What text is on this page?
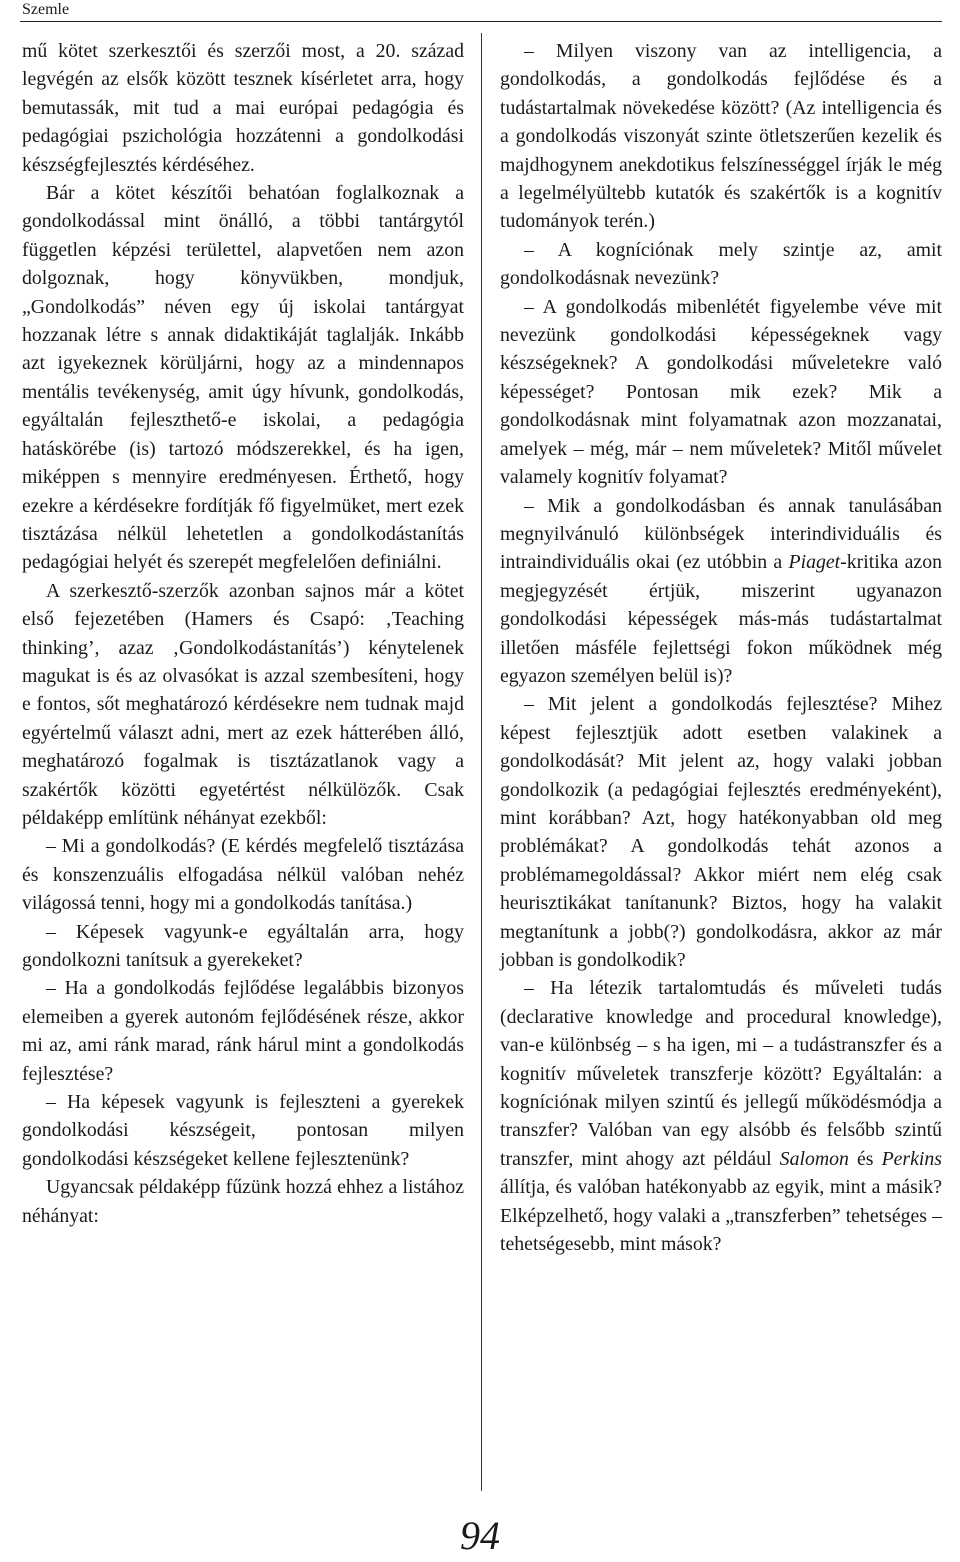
Szemle

mű kötet szerkesztői és szerzői most, a 20. század legvégén az elsők között tesznek kísérletet arra, hogy bemutassák, mit tud a mai európai pedagógia és pedagógiai pszichológia hozzátenni a gondolkodási készségfejlesztés kérdéséhez.

Bár a kötet készítői behatóan foglalkoznak a gondolkodással mint önálló, a többi tantárgytól független képzési területtel, alapvetően nem azon dolgoznak, hogy könyvükben, mondjuk, „Gondolkodás” néven egy új iskolai tantárgyat hozzanak létre s annak didaktikáját taglalják. Inkább azt igyekeznek körüljárni, hogy az a mindennapos mentális tevékenység, amit úgy hívunk, gondolkodás, egyáltalán fejleszthető-e iskolai, a pedagógia hatáskörébe (is) tartozó módszerekkel, és ha igen, miképpen s mennyire eredményesen. Érthető, hogy ezekre a kérdésekre fordítják fő figyelmüket, mert ezek tisztázása nélkül lehetetlen a gondolkodástanítás pedagógiai helyét és szerepét megfelelően definiálni.

A szerkesztő-szerzők azonban sajnos már a kötet első fejezetében (Hamers és Csapó: ‚Teaching thinking’, azaz ‚Gondolkodástanítás’) kénytelenek magukat is és az olvasókat is azzal szembesíteni, hogy e fontos, sőt meghatározó kérdésekre nem tudnak majd egyértelmű választ adni, mert az ezek hátterében álló, meghatározó fogalmak is tisztázatlanok vagy a szakértők közötti egyetértést nélkülözők. Csak példaképp említünk néhányat ezekből:

– Mi a gondolkodás? (E kérdés megfelelő tisztázása és konszenzuális elfogadása nélkül valóban nehéz világossá tenni, hogy mi a gondolkodás tanítása.)

– Képesek vagyunk-e egyáltalán arra, hogy gondolkozni tanítsuk a gyerekeket?

– Ha a gondolkodás fejlődése legalábbis bizonyos elemeiben a gyerek autonóm fejlődésének része, akkor mi az, ami ránk marad, ránk hárul mint a gondolkodás fejlesztése?

– Ha képesek vagyunk is fejleszteni a gyerekek gondolkodási készségeit, pontosan milyen gondolkodási készségeket kellene fejlesztenünk?

Ugyancsak példaképp fűzünk hozzá ehhez a listához néhányat:

– Milyen viszony van az intelligencia, a gondolkodás, a gondolkodás fejlődése és a tudástartalmak növekedése között? (Az intelligencia és a gondolkodás viszonyát szinte ötletszerűen kezelik és majdhogynem anekdotikus felszínességgel írják le még a legelmélyültebb kutatók és szakértők is a kognitív tudományok terén.)

– A kogníciónak mely szintje az, amit gondolkodásnak nevezünk?

– A gondolkodás mibenlétét figyelembe véve mit nevezünk gondolkodási képességeknek vagy készségeknek? A gondolkodási műveletekre való képességet? Pontosan mik ezek? Mik a gondolkodásnak mint folyamatnak azon mozzanatai, amelyek – még, már – nem műveletek? Mitől művelet valamely kognitív folyamat?

– Mik a gondolkodásban és annak tanulásában megnyilvánuló különbségek interindividuális és intraindividuális okai (ez utóbbin a Piaget-kritika azon megjegyzését értjük, miszerint ugyanazon gondolkodási képességek más-más tudástartalmat illetően másféle fejlettségi fokon működnek még egyazon személyen belül is)?

– Mit jelent a gondolkodás fejlesztése? Mihez képest fejlesztjük adott esetben valakinek a gondolkodását? Mit jelent az, hogy valaki jobban gondolkozik (a pedagógiai fejlesztés eredményeként), mint korábban? Azt, hogy hatékonyabban old meg problémákat? A gondolkodás tehát azonos a problémamegoldással? Akkor miért nem elég csak heurisztikákat tanítanunk? Biztos, hogy ha valakit megtanítunk a jobb(?) gondolkodásra, akkor az már jobban is gondolkodik?

– Ha létezik tartalomtudás és műveleti tudás (declarative knowledge and procedural knowledge), van-e különbség – s ha igen, mi – a tudástranszfer és a kognitív műveletek transzferje között? Egyáltalán: a kogníciónak milyen szintű és jellegű működésmódja a transzfer? Valóban van egy alsóbb és felsőbb szintű transzfer, mint ahogy azt például Salomon és Perkins állítja, és valóban hatékonyabb az egyik, mint a másik? Elképzelhető, hogy valaki a „transzferben” tehetséges – tehetségesebb, mint mások?

94
